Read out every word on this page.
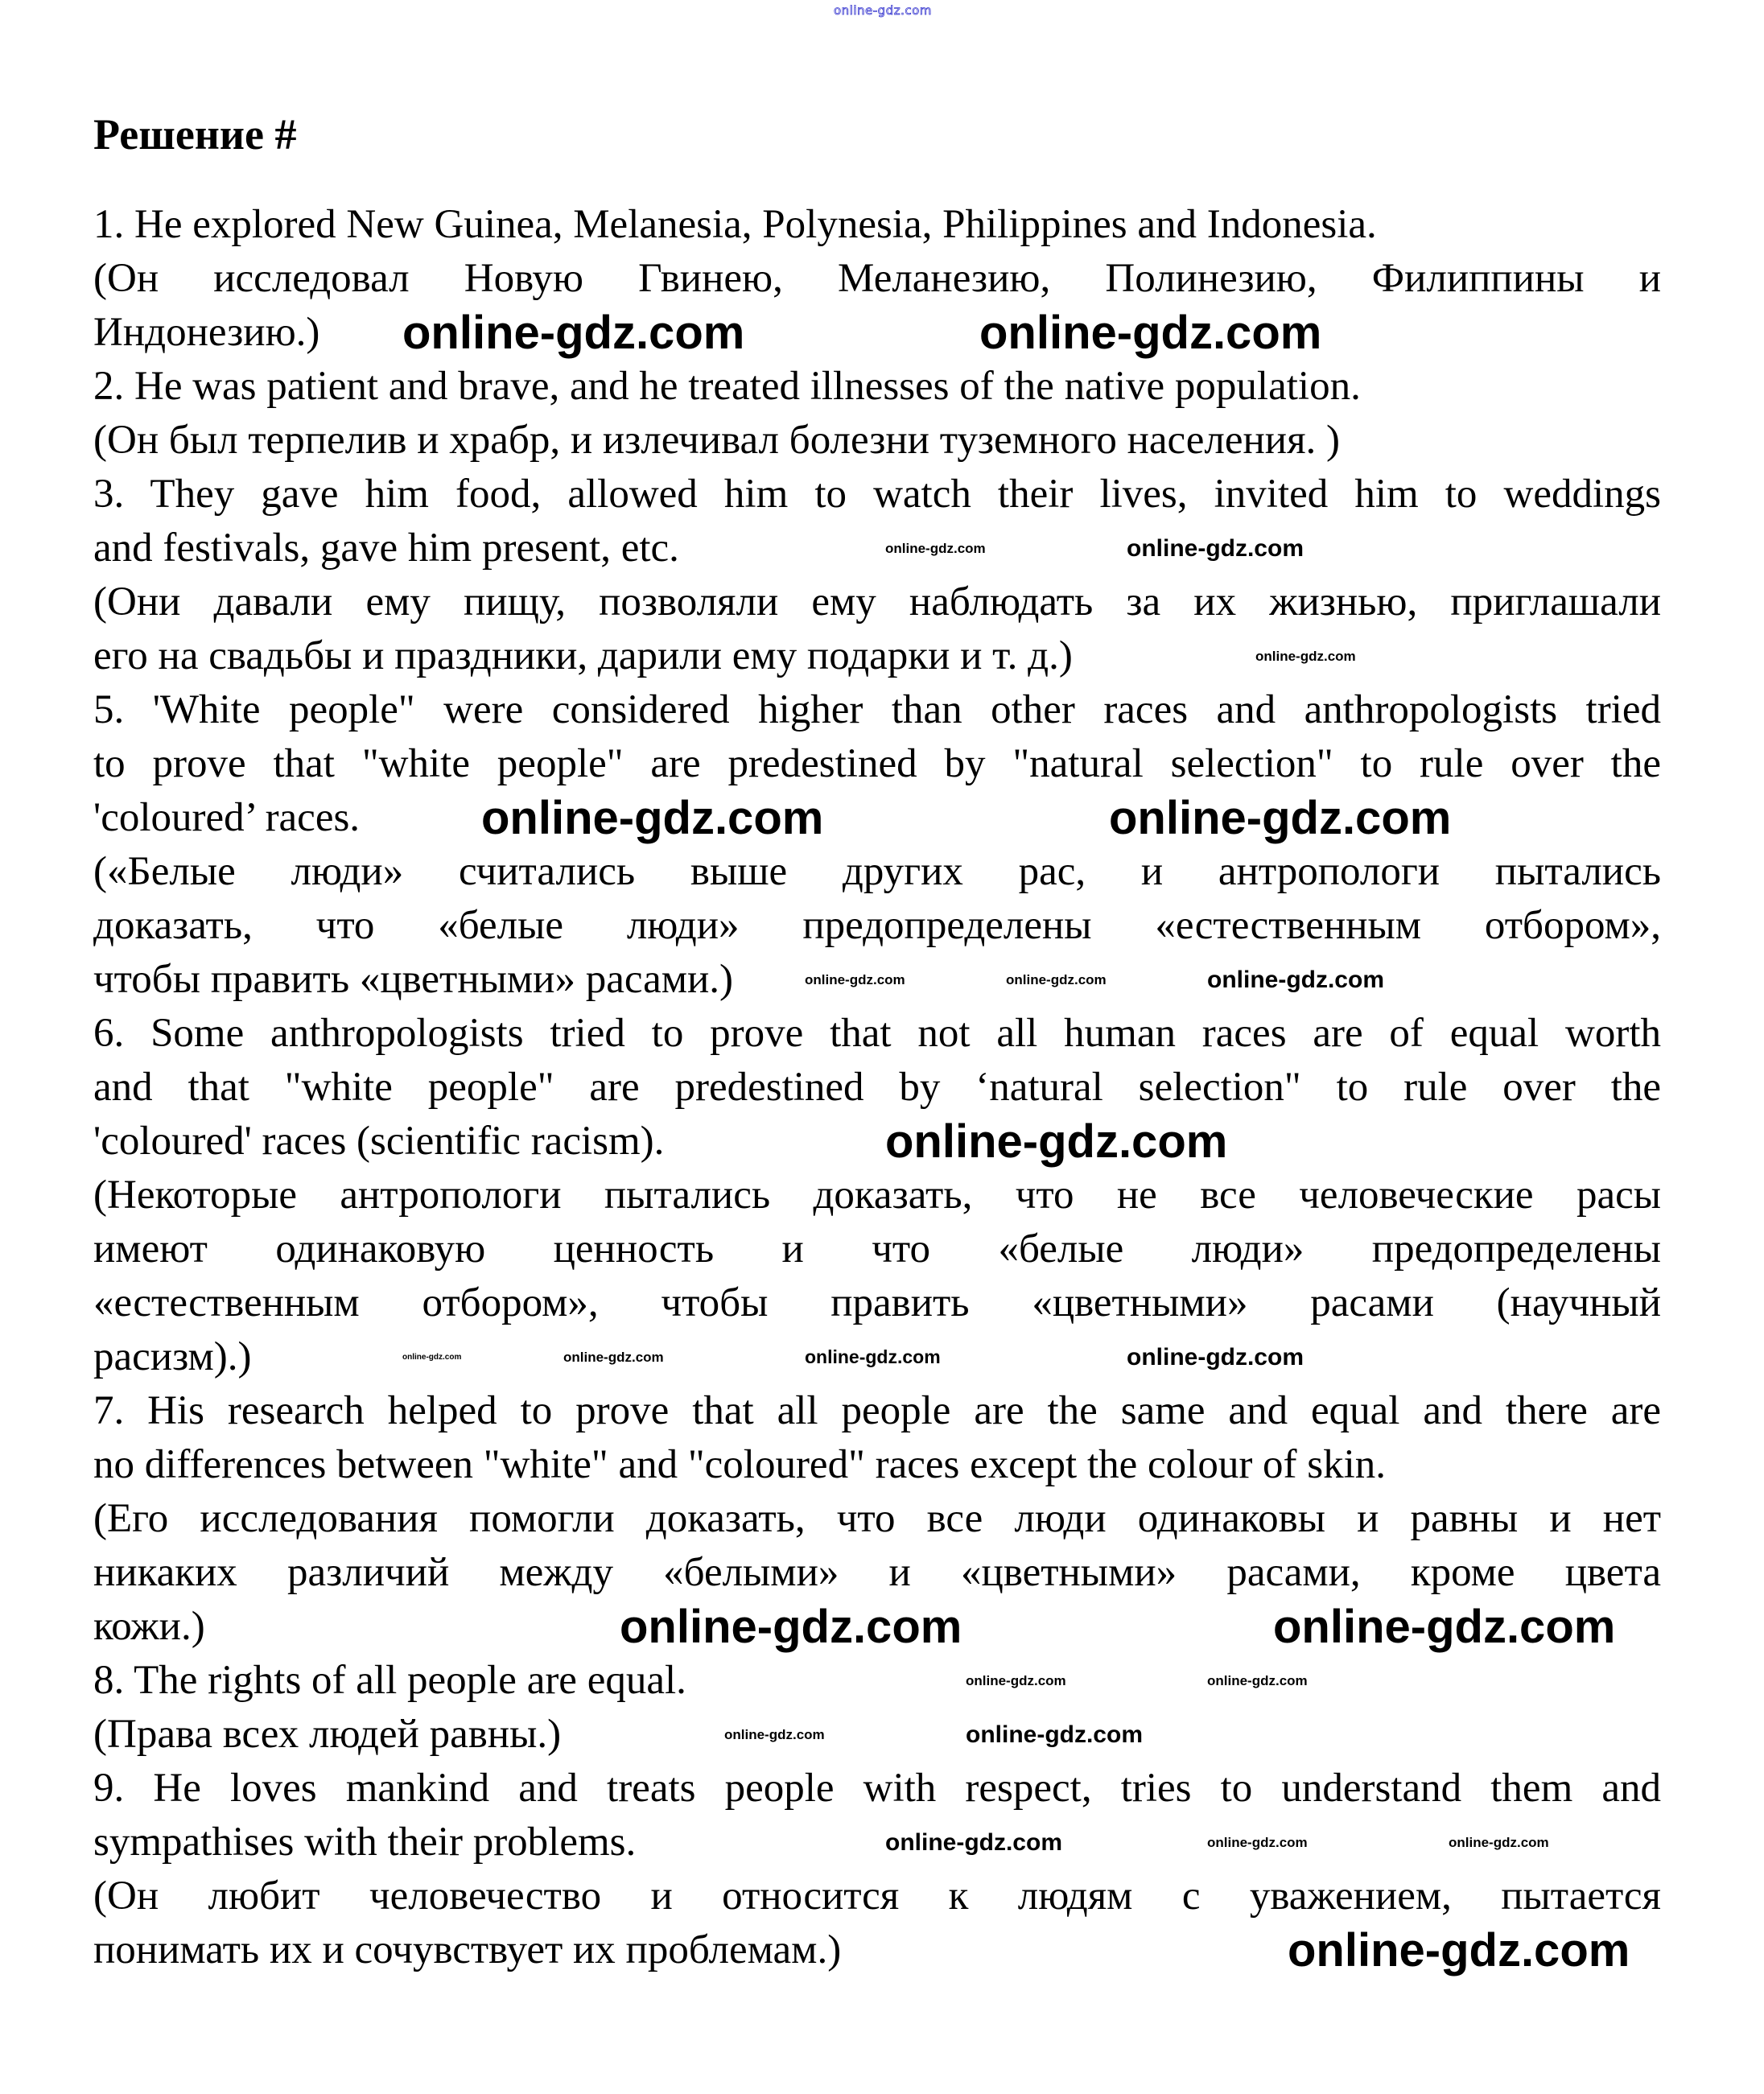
online-gdz.com
Решение #
1. He explored New Guinea, Melanesia, Polynesia, Philippines and Indonesia.
(Он исследовал Новую Гвинею, Меланезию, Полинезию, Филиппины и
Индонезию.)
2. He was patient and brave, and he treated illnesses of the native population.
(Он был терпелив и храбр, и излечивал болезни туземного населения. )
3. They gave him food, allowed him to watch their lives, invited him to weddings
and festivals, gave him present, etc.
(Они давали ему пищу, позволяли ему наблюдать за их жизнью, приглашали
его на свадьбы и праздники, дарили ему подарки и т. д.)
5. 'White people" were considered higher than other races and anthropologists tried
to prove that "white people" are predestined by "natural selection" to rule over the
'coloured’ races.
(«Белые люди» считались выше других рас, и антропологи пытались
доказать, что «белые люди» предопределены «естественным отбором»,
чтобы править «цветными» расами.)
6. Some anthropologists tried to prove that not all human races are of equal worth
and that "white people" are predestined by ‘natural selection" to rule over the
'coloured' races (scientific racism).
(Некоторые антропологи пытались доказать, что не все человеческие расы
имеют одинаковую ценность и что «белые люди» предопределены
«естественным отбором», чтобы править «цветными» расами (научный
расизм).)
7. His research helped to prove that all people are the same and equal and there are
no differences between "white" and "coloured" races except the colour of skin.
(Его исследования помогли доказать, что все люди одинаковы и равны и нет
никаких различий между «белыми» и «цветными» расами, кроме цвета
кожи.)
8. The rights of all people are equal.
(Права всех людей равны.)
9. He loves mankind and treats people with respect, tries to understand them and
sympathises with their problems.
(Он любит человечество и относится к людям с уважением, пытается
понимать их и сочувствует их проблемам.)
online-gdz.com	online-gdz.com
online-gdz.com	online-gdz.com
online-gdz.com
online-gdz.com	online-gdz.com
online-gdz.com
online-gdz.com	online-gdz.com
online-gdz.com
online-gdz.com	online-gdz.com	online-gdz.com
online-gdz.com	online-gdz.com	online-gdz.com	online-gdz.com
online-gdz.com	online-gdz.com
online-gdz.com	online-gdz.com
online-gdz.com	online-gdz.com	online-gdz.com
